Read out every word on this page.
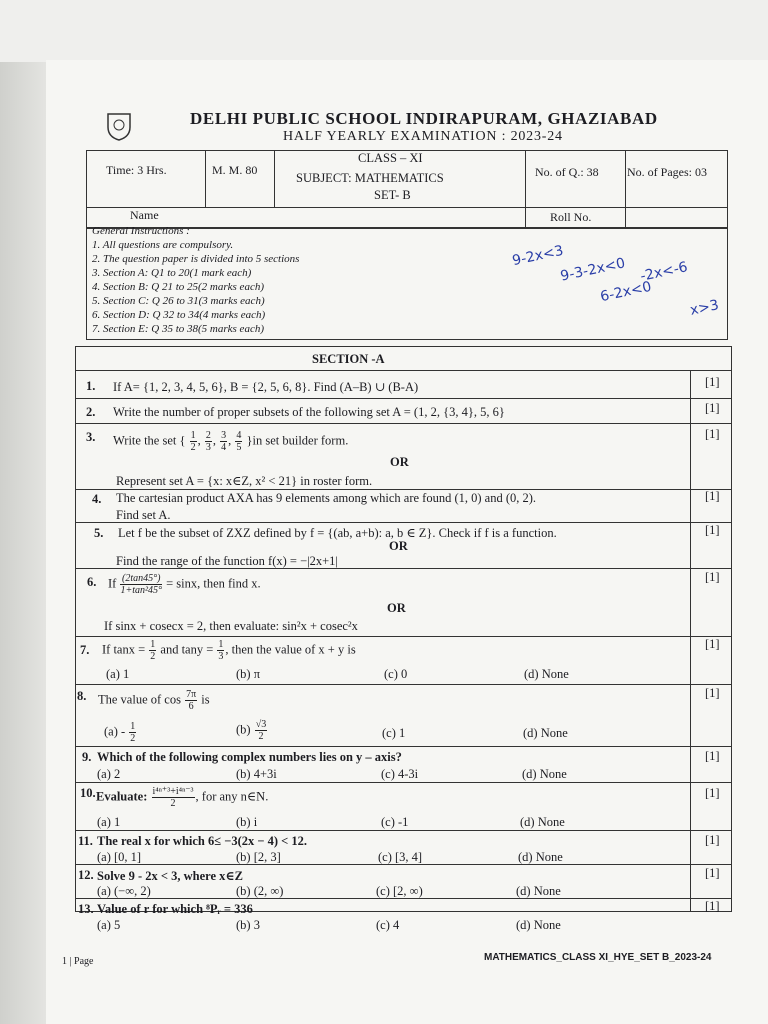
DELHI PUBLIC SCHOOL INDIRAPURAM, GHAZIABAD
HALF YEARLY EXAMINATION : 2023-24
Time: 3 Hrs.	M. M. 80
CLASS – XI
SUBJECT: MATHEMATICS
SET- B
No. of Q.: 38 No. of Pages: 03
Name	Roll No.
General Instructions :
1. All questions are compulsory.
2. The question paper is divided into 5 sections
3. Section A: Q1 to 20(1 mark each)
4. Section B: Q 21 to 25(2 marks each)
5. Section C: Q 26 to 31(3 marks each)
6. Section D: Q 32 to 34(4 marks each)
7. Section E: Q 35 to 38(5 marks each)
9-2x<3
9-3-2x<0
6-2x<0
-2x<-6
x>3
SECTION -A
1. If A= {1, 2, 3, 4, 5, 6}, B = {2, 5, 6, 8}. Find (A–B) ∪ (B-A)	[1]
2. Write the number of proper subsets of the following set A = (1, 2, {3, 4}, 5, 6}	[1]
3. Write the set { $\frac{1}{2}$ , $\frac{2}{3}$ , $\frac{3}{4}$ , $\frac{4}{5} \}in$ set builder form.	[1]
OR
Represent set A = {x: x∈Z, x² < 21} in roster form.
4. The cartesian product AXA has 9 elements among which are found (1, 0) and (0, 2).
Find set A.
[1]
5. Let f be the subset of ZXZ defined by f = {(ab, a+b): a, b ∈ Z}. Check if f is a function.	[1]
OR
Find the range of the function f(x) = −|2x+1|
6. If $\frac{(2\tan 45^\circ)}{\text{1+tan²45°}} = \sin x$, then find x.	[1]
OR
If sinx + cosecx = 2, then evaluate: sin²x + cosec²x
7. If $\tan x = \frac{1}{2}$ and $\tan y = \frac{1}{3}$ , then the value of x + y is	[1]
(a) 1	(b) π	(c) 0	(d) None
8. The value of $\cos \frac{7\pi}{6}$ is	[1]
$(a) - \frac{1}{2}$	$(b) \frac{√3}{2}$	(c) 1	(d) None
9. Which of the following complex numbers lies on y – axis?	[1]
(a) 2	(b) 4+3i	(c) 4-3i	(d) None
10. Evaluate: $\frac{\text{i⁴ⁿ⁺³+i⁴ⁿ⁻³}}{2}$ , for any n∈N.	[1]
(a) 1	(b) i	(c) -1	(d) None
11. The real x for which 6≤ −3(2x − 4) < 12.	[1]
(a) [0, 1]	(b) [2, 3]	(c) [3, 4]	(d) None
12. Solve 9 - 2x < 3, where x∈Z	[1]
(a) (−∞, 2)	(b) (2, ∞)	(c) [2, ∞)	(d) None
13. Value of r for which ⁸Pᵣ = 336	[1]
(a) 5	(b) 3	(c) 4	(d) None
1 | Page	MATHEMATICS_CLASS XI_HYE_SET B_2023-24
